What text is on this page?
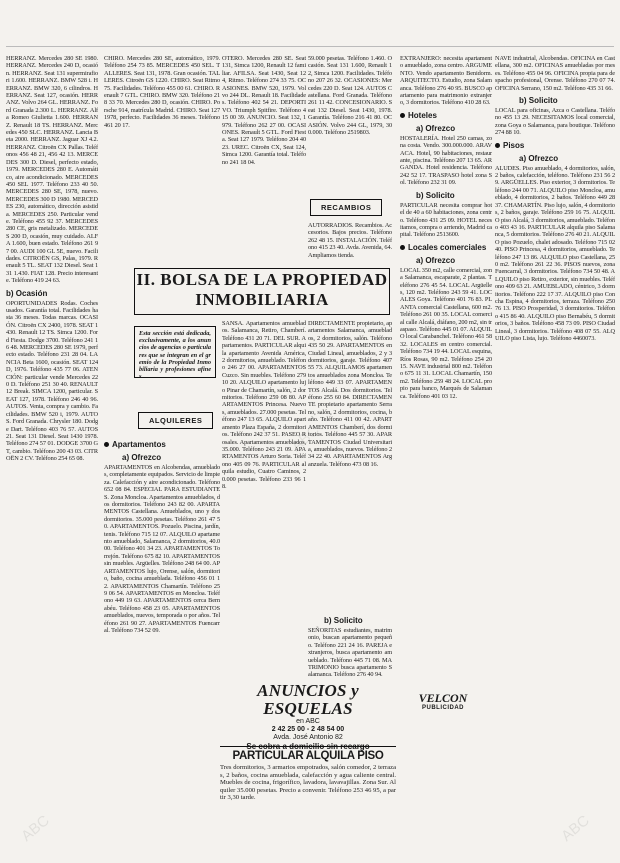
HERRANZ. Mercedes 280 SE 1980. HERRANZ. Mercedes 240 D, ocasión. HERRANZ. Seat 131 supermirafiori 1.600. HERRANZ. BMW 528 i. HERRANZ. BMW 320, 6 cilindros. HERRANZ. Seat 127, ocasión. HERRANZ. Volvo 264 GL. HERRANZ. Ford Granada 2.300 L. HERRANZ. Alfa Romeo Giulietta 1.600. HERRANZ. Renault 18 TS. HERRANZ. Mercedes 450 SLC. HERRANZ. Lancia Beta 2000. HERRANZ. Jaguar XJ 4.2. HERRANZ. Citroën CX Pallas. Teléfonos 456 48 21, 456 42 13. MERCEDES 300 D. Diesel, perfecto estado, 1979. MERCEDES 280 E. Automático, aire acondicionado. MERCEDES 450 SEL 1977. Teléfono 233 40 50. MERCEDES 280 SE, 1978, nuevo. MERCEDES 300 D 1980. MERCEDES 230, automático, dirección asistida. MERCEDES 250. Particular vende. Teléfono 455 92 37. MERCEDES 280 CE, gris metalizado. MERCEDES 200 D, ocasión, muy cuidado. ALFA 1.600, buen estado. Teléfono 261 97 00. AUDI 100 GL 5E, nuevo. Facilidades. CITROËN GS, Palas, 1979. Renault 5 TL. SEAT 132 Diesel. Seat 131 1.430. FIAT 128. Precio interesante. Teléfono 419 24 63.
b) Ocasión
OPORTUNIDADES Rodas. Coches usados. Garantía total. Facilidades hasta 36 meses. Todas marcas. OCASIÓN. Citroën CX 2400, 1978. SEAT 1430. Renault 12 TS. Simca 1200. Ford Fiesta. Dodge 3700. Teléfono 241 16 48. MERCEDES 280 SE 1979, perfecto estado. Teléfono 231 28 04. LANCIA Beta 1600, ocasión. SEAT 124 D, 1976. Teléfono 435 77 06. ATENCIÓN: particular vende Mercedes 220 D. Teléfono 251 30 40. RENAULT 12 Break. SIMCA 1200, particular. SEAT 127, 1978. Teléfono 246 40 96. AUTOS. Venta, compra y cambio. Facilidades. BMW 520 i, 1979. AUTOS. Ford Granada. Chrysler 180. Dodge Dart. Teléfono 403 76 57. AUTOS 21. Seat 131 Diesel. Seat 1430 1978. Teléfono 274 57 01. DODGE 3700 GT, cambio. Teléfono 200 43 03. CITROËN 2 CV. Teléfono 254 65 08.
CHIRO. Mercedes 280 SE, automático, 1979. Teléfono 254 73 85. MERCEDES 450 SEL. TALLERES. Seat 131, 1978. Gran ocasión. TALLERES. Citroën GS 1220. CHIRO. Seat Ritmo 75. Facilidades. Teléfono 455 00 61. CHIRO. Renault 7 GTL. CHIRO. BMW 320. Teléfono 218 33 70. Mercedes 280 D, ocasión. CHIRO. Porsche 914, matrícula Madrid. CHIRO. Seat 127 1978, perfecto. Facilidades 36 meses. Teléfono 461 20 17.
Apartamentos
a) Ofrezco
APARTAMENTOS en Alcobendas, amueblados, completamente equipados. Servicio de limpieza. Calefacción y aire acondicionado. Teléfono 652 08 84. ESPECIAL PARA ESTUDIANTES. Zona Moncloa. Apartamentos amueblados, dos dormitorios. Teléfono 243 82 00. APARTAMENTOS Castellana. Amueblados, uno y dos dormitorios. 35.000 pesetas. Teléfono 261 47 50. APARTAMENTOS. Pozuelo. Piscina, jardín, tenis. Teléfono 715 12 07. ALQUILO apartamento amueblado, Salamanca, 2 dormitorios, 40.000. Teléfono 401 34 23. APARTAMENTOS Torrejón. Teléfono 675 82 10. APARTAMENTOS sin muebles. Argüelles. Teléfono 248 64 00. APARTAMENTOS lujo, Orense, salón, dormitorio, baño, cocina amueblada. Teléfono 456 01 12. APARTAMENTOS Chamartín. Teléfono 259 06 54. APARTAMENTOS en Moncloa. Teléfono 449 19 63. APARTAMENTOS cerca Bernabéu. Teléfono 458 23 05. APARTAMENTOS amueblados, nuevos, temporada o por años. Teléfono 261 90 27. APARTAMENTOS Fuencarral. Teléfono 734 52 09.
OTERO. Mercedes 280 SE. Seat 131, Simca 1200, Renault 12 familiar. AFILSA. Seat 1430, Seat 124, Ritmo. Teléfono 274 33 75. OCASIONES. BMW 520, 1979. Volvo 244 DL. Renault 18. Facilidades. Teléfono 402 54 21. DEPORTIVO. Triumph Spitfire. Teléfono 415 00 39. ANUNCIO. Seat 132, 1979. Teléfono 262 27 00. OCASIONES. Renault 5 GTL. Ford Fiesta. Seat 127 1979. Teléfono 204 40 23. UREC. Citroën CX, Seat 124, Simca 1200. Garantía total. Teléfono 241 18 04.
SANSA. Apartamentos amueblados. Salamanca, Retiro, Chamberí. Teléfono 431 20 71. DEL SUR. Apartamentos. PARTICULAR alquila apartamento Avenida América, 2 dormitorios, amueblado. Teléfono 246 27 00. APARTAMENTOS Cuzco. Sin muebles. Teléfono 279 10 20. ALQUILO apartamento lujo Pinar de Chamartín, salón, 2 dormitorios. Teléfono 259 08 80. APARTAMENTOS Princesa. Nuevos, amueblados. 27.000 pesetas. Teléfono 247 13 65. ALQUILO apartamento Plaza España, 2 dormitorios. Teléfono 242 37 51. PASEO Rosales. Apartamentos amueblados, 35.000. Teléfono 243 21 09. APARTAMENTOS Arturo Soria. Teléfono 405 09 76. PARTICULAR alquila estudio, Cuatro Caminos, 20.000 pesetas. Teléfono 233 96 18.
59.000 pesetas. Teléfono 1.460. Ocasión. Seat 131 1.600, Renault 12, Simca 1200. Facilidades. Teléfono 207 26 32. OCASIONES: Mercedes 220 D. Seat 124. AUTOS Castellana. Ford Granada. Teléfono 261 11 42. CONCESIONARIO. Seat 132 Diesel. Seat 1430, 1978. Garantía. Teléfono 216 41 80. OCASIÓN. Volvo 244 GL, 1979, 300.000. Teléfono 2519803.
RECAMBIOS
AUTORRADIOS. Recambios. Accesorios. Bajos precios. Teléfono 262 48 15. INSTALACIÓN. Teléfono 415 23 40. Avda. Avenida, 64. Ampliamos tienda.
DIRECTAMENTE propietario, apartamentos Salamanca, amueblados, 2 dormitorios, salón. Teléfono 435 50 29. APARTAMENTOS en Ciudad Lineal, amueblados, 2 y 3 dormitorios, garaje. Teléfono 407 55 73. ALQUILAMOS apartamentos amueblados zona Moncloa. Teléfono 449 33 07. APARTAMENTOS Alcalá. Dos dormitorios. Teléfono 255 60 84. DIRECTAMENTE propietario apartamento Serrano, salón, 2 dormitorios, cocina, baño. Teléfono 411 00 42. APARTAMENTOS Chamberí, dos dormitorios. Teléfono 445 57 30. APARTAMENTOS Ciudad Universitaria, amueblados, nuevos. Teléfono 234 22 40. APARTAMENTOS Arganzuela. Teléfono 473 08 16.
b) Solicito
SEÑORITAS estudiantes, matrimonio, buscan apartamento pequeño. Teléfono 221 24 16. PAREJA extranjeros, busca apartamento amueblado. Teléfono 445 71 08. MATRIMONIO busca apartamento Salamanca. Teléfono 276 40 94.
EXTRANJERO: necesita apartamento amueblado, zona centro. ARGUMENTO. Vendo apartamento Benidorm. ARQUITECTO. Estudio, zona Salamanca. Teléfono 276 40 95. BUSCO apartamento para matrimonio extranjero, 3 dormitorios. Teléfono 410 28 63.
Hoteles
a) Ofrezco
HOSTALERÍA. Hotel 250 camas, zona costa. Vendo. 300.000.000. ARAVACA. Hotel, 90 habitaciones, restaurante, piscina. Teléfono 207 13 65. ARGANDA. Hotel residencia. Teléfono 242 52 17. TRASPASO hotel zona Sol. Teléfono 232 31 09.
b) Solicito
PARTICULAR necesita comprar hotel de 40 a 60 habitaciones, zona centro. Teléfono 431 25 09. HOTEL necesitamos, compra o arriendo, Madrid capital. Teléfono 2513600.
Locales comerciales
a) Ofrezco
LOCAL 350 m2, calle comercial, zona Salamanca, escaparate, 2 plantas. Teléfono 276 45 54. LOCAL Argüelles, 120 m2. Teléfono 243 59 41. LOCALES Goya. Teléfono 401 76 83. PLANTA comercial Castellana, 600 m2. Teléfono 261 00 35. LOCAL comercial calle Alcalá, diáfano, 200 m2, sin traspaso. Teléfono 445 01 07. ALQUILO local Carabanchel. Teléfono 461 58 32. LOCALES en centro comercial. Teléfono 734 19 44. LOCAL esquina, Ríos Rosas, 90 m2. Teléfono 254 20 15. NAVE industrial 800 m2. Teléfono 675 11 31. LOCAL Chamartín, 150 m2. Teléfono 259 48 24. LOCAL propio para banco, Marqués de Salamanca. Teléfono 401 03 12.
NAVE industrial, Alcobendas. OFICINA en Castellana, 300 m2. OFICINAS amuebladas por meses. Teléfono 455 04 96. OFICINA propia para despacho profesional, Orense. Teléfono 270 07 74. OFICINA Serrano, 150 m2. Teléfono 435 31 66.
b) Solicito
LOCAL para oficinas, Azca o Castellana. Teléfono 455 13 29. NECESITAMOS local comercial, zona Goya o Salamanca, para boutique. Teléfono 274 88 10.
Pisos
a) Ofrezco
ALUDES. Piso amueblado, 4 dormitorios, salón, 2 baños, calefacción, teléfono. Teléfono 231 56 29. ARGÜELLES. Piso exterior, 3 dormitorios. Teléfono 244 00 71. ALQUILO piso Moncloa, amueblado, 4 dormitorios, 2 baños. Teléfono 449 28 37. CHAMARTÍN. Piso lujo, salón, 4 dormitorios, 2 baños, garaje. Teléfono 259 16 75. ALQUILO piso Alcalá, 3 dormitorios, amueblado. Teléfono 403 43 16. PARTICULAR alquila piso Salamanca, 5 dormitorios. Teléfono 276 40 21. ALQUILO piso Pozuelo, chalet adosado. Teléfono 715 02 40. PISO Princesa, 4 dormitorios, amueblado. Teléfono 247 13 86. ALQUILO piso Castellana, 250 m2. Teléfono 261 22 36. PISOS nuevos, zona Fuencarral, 3 dormitorios. Teléfono 734 50 48. ALQUILO piso Retiro, exterior, sin muebles. Teléfono 409 63 21. AMUEBLADO, céntrico, 3 dormitorios. Teléfono 222 17 37. ALQUILO piso Concha Espina, 4 dormitorios, terraza. Teléfono 250 76 13. PISO Prosperidad, 3 dormitorios. Teléfono 415 86 40. ALQUILO piso Bernabéu, 5 dormitorios, 3 baños. Teléfono 458 73 09. PISO Ciudad Lineal, 3 dormitorios. Teléfono 408 07 55. ALQUILO piso Lista, lujo. Teléfono 4460073.
II. BOLSA DE LA PROPIEDAD
INMOBILIARIA
Esta sección está dedicada, exclusivamente, a los anuncios de agencias o particulares que se integran en el gremio de la Propiedad Inmobiliaria y profesiones afines.
ALQUILERES
ANUNCIOS y ESQUELAS
en ABC
2 42 25 00 - 2 48 54 00
Avda. José Antonio 82
Se cobra a domicilio sin recargo
VELCON
PUBLICIDAD
PARTICULAR ALQUILA PISO
Tres dormitorios, 3 armarios empotrados, salón comedor, 2 terrazas, 2 baños, cocina amueblada, calefacción y agua caliente central. Muebles de cocina, frigorífico, lavadora, lavavajillas. Zona Sur. Alquiler 35.000 pesetas. Precio a convenir. Teléfono 253 46 95, a partir 3,30 tarde.
ABC	ABC
ABC
